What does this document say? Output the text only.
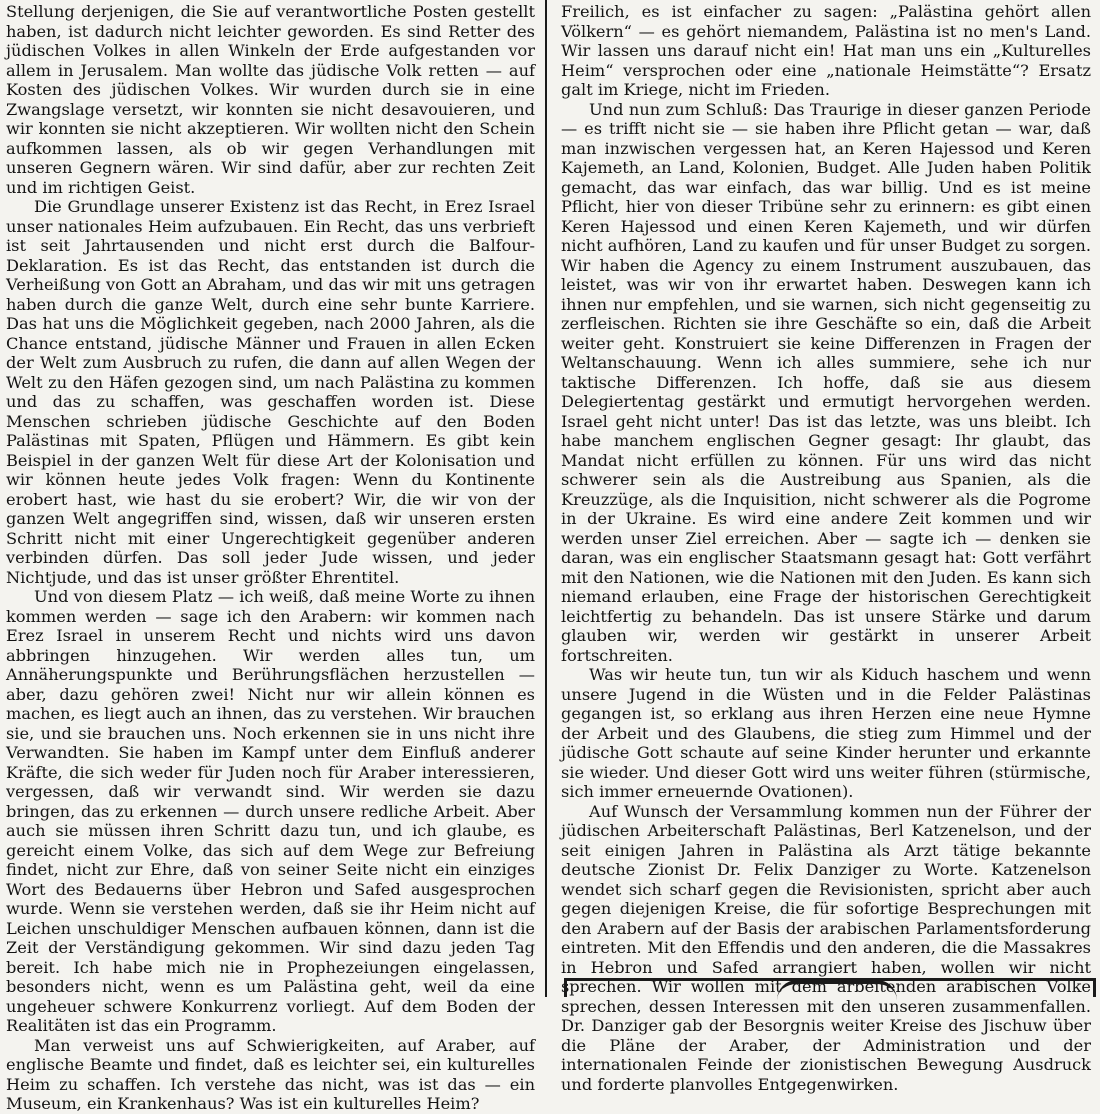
Stellung derjenigen, die Sie auf verantwortliche Posten gestellt haben, ist dadurch nicht leichter geworden. Es sind Retter des jüdischen Volkes in allen Winkeln der Erde aufgestanden vor allem in Jerusalem. Man wollte das jüdische Volk retten — auf Kosten des jüdischen Volkes. Wir wurden durch sie in eine Zwangslage versetzt, wir konnten sie nicht desavouieren, und wir konnten sie nicht akzeptieren. Wir wollten nicht den Schein aufkommen lassen, als ob wir gegen Verhandlungen mit unseren Gegnern wären. Wir sind dafür, aber zur rechten Zeit und im richtigen Geist.

Die Grundlage unserer Existenz ist das Recht, in Erez Israel unser nationales Heim aufzubauen. Ein Recht, das uns verbrieft ist seit Jahrtausenden und nicht erst durch die Balfour-Deklaration. Es ist das Recht, das entstanden ist durch die Verheißung von Gott an Abraham, und das wir mit uns getragen haben durch die ganze Welt, durch eine sehr bunte Karriere. Das hat uns die Möglichkeit gegeben, nach 2000 Jahren, als die Chance entstand, jüdische Männer und Frauen in allen Ecken der Welt zum Ausbruch zu rufen, die dann auf allen Wegen der Welt zu den Häfen gezogen sind, um nach Palästina zu kommen und das zu schaffen, was geschaffen worden ist. Diese Menschen schrieben jüdische Geschichte auf den Boden Palästinas mit Spaten, Pflügen und Hämmern. Es gibt kein Beispiel in der ganzen Welt für diese Art der Kolonisation und wir können heute jedes Volk fragen: Wenn du Kontinente erobert hast, wie hast du sie erobert? Wir, die wir von der ganzen Welt angegriffen sind, wissen, daß wir unseren ersten Schritt nicht mit einer Ungerechtigkeit gegenüber anderen verbinden dürfen. Das soll jeder Jude wissen, und jeder Nichtjude, und das ist unser größter Ehrentitel.

Und von diesem Platz — ich weiß, daß meine Worte zu ihnen kommen werden — sage ich den Arabern: wir kommen nach Erez Israel in unserem Recht und nichts wird uns davon abbringen hinzugehen. Wir werden alles tun, um Annäherungspunkte und Berührungsflächen herzustellen — aber, dazu gehören zwei! Nicht nur wir allein können es machen, es liegt auch an ihnen, das zu verstehen. Wir brauchen sie, und sie brauchen uns. Noch erkennen sie in uns nicht ihre Verwandten. Sie haben im Kampf unter dem Einfluß anderer Kräfte, die sich weder für Juden noch für Araber interessieren, vergessen, daß wir verwandt sind. Wir werden sie dazu bringen, das zu erkennen — durch unsere redliche Arbeit. Aber auch sie müssen ihren Schritt dazu tun, und ich glaube, es gereicht einem Volke, das sich auf dem Wege zur Befreiung findet, nicht zur Ehre, daß von seiner Seite nicht ein einziges Wort des Bedauerns über Hebron und Safed ausgesprochen wurde. Wenn sie verstehen werden, daß sie ihr Heim nicht auf Leichen unschuldiger Menschen aufbauen können, dann ist die Zeit der Verständigung gekommen. Wir sind dazu jeden Tag bereit. Ich habe mich nie in Prophezeiungen eingelassen, besonders nicht, wenn es um Palästina geht, weil da eine ungeheuer schwere Konkurrenz vorliegt. Auf dem Boden der Realitäten ist das ein Programm.

Man verweist uns auf Schwierigkeiten, auf Araber, auf englische Beamte und findet, daß es leichter sei, ein kulturelles Heim zu schaffen. Ich verstehe das nicht, was ist das — ein Museum, ein Krankenhaus? Was ist ein kulturelles Heim?

Freilich, es ist einfacher zu sagen: „Palästina gehört allen Völkern“ — es gehört niemandem, Palästina ist no men's Land. Wir lassen uns darauf nicht ein! Hat man uns ein „Kulturelles Heim“ versprochen oder eine „nationale Heimstätte“? Ersatz galt im Kriege, nicht im Frieden.

Und nun zum Schluß: Das Traurige in dieser ganzen Periode — es trifft nicht sie — sie haben ihre Pflicht getan — war, daß man inzwischen vergessen hat, an Keren Hajessod und Keren Kajemeth, an Land, Kolonien, Budget. Alle Juden haben Politik gemacht, das war einfach, das war billig. Und es ist meine Pflicht, hier von dieser Tribüne sehr zu erinnern: es gibt einen Keren Hajessod und einen Keren Kajemeth, und wir dürfen nicht aufhören, Land zu kaufen und für unser Budget zu sorgen. Wir haben die Agency zu einem Instrument auszubauen, das leistet, was wir von ihr erwartet haben. Deswegen kann ich ihnen nur empfehlen, und sie warnen, sich nicht gegenseitig zu zerfleischen. Richten sie ihre Geschäfte so ein, daß die Arbeit weiter geht. Konstruiert sie keine Differenzen in Fragen der Weltanschauung. Wenn ich alles summiere, sehe ich nur taktische Differenzen. Ich hoffe, daß sie aus diesem Delegiertentag gestärkt und ermutigt hervorgehen werden. Israel geht nicht unter! Das ist das letzte, was uns bleibt. Ich habe manchem englischen Gegner gesagt: Ihr glaubt, das Mandat nicht erfüllen zu können. Für uns wird das nicht schwerer sein als die Austreibung aus Spanien, als die Kreuzzüge, als die Inquisition, nicht schwerer als die Pogrome in der Ukraine. Es wird eine andere Zeit kommen und wir werden unser Ziel erreichen. Aber — sagte ich — denken sie daran, was ein englischer Staatsmann gesagt hat: Gott verfährt mit den Nationen, wie die Nationen mit den Juden. Es kann sich niemand erlauben, eine Frage der historischen Gerechtigkeit leichtfertig zu behandeln. Das ist unsere Stärke und darum glauben wir, werden wir gestärkt in unserer Arbeit fortschreiten.

Was wir heute tun, tun wir als Kiduch haschem und wenn unsere Jugend in die Wüsten und in die Felder Palästinas gegangen ist, so erklang aus ihren Herzen eine neue Hymne der Arbeit und des Glaubens, die stieg zum Himmel und der jüdische Gott schaute auf seine Kinder herunter und erkannte sie wieder. Und dieser Gott wird uns weiter führen (stürmische, sich immer erneuernde Ovationen).

Auf Wunsch der Versammlung kommen nun der Führer der jüdischen Arbeiterschaft Palästinas, Berl Katzenelson, und der seit einigen Jahren in Palästina als Arzt tätige bekannte deutsche Zionist Dr. Felix Danziger zu Worte. Katzenelson wendet sich scharf gegen die Revisionisten, spricht aber auch gegen diejenigen Kreise, die für sofortige Besprechungen mit den Arabern auf der Basis der arabischen Parlamentsforderung eintreten. Mit den Effendis und den anderen, die die Massakres in Hebron und Safed arrangiert haben, wollen wir nicht sprechen. Wir wollen mit dem arbeitenden arabischen Volke sprechen, dessen Interessen mit den unseren zusammenfallen. Dr. Danziger gab der Besorgnis weiter Kreise des Jischuw über die Pläne der Araber, der Administration und der internationalen Feinde der zionistischen Bewegung Ausdruck und forderte planvolles Entgegenwirken.
